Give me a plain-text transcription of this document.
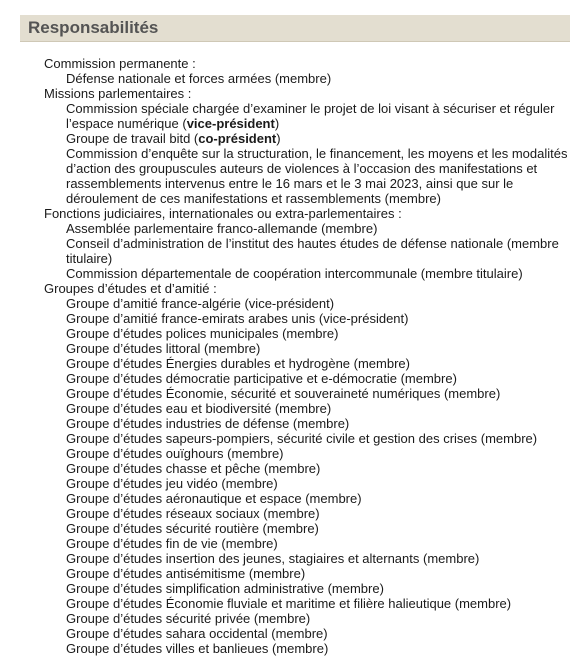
Responsabilités
Commission permanente :
Défense nationale et forces armées (membre)
Missions parlementaires :
Commission spéciale chargée d’examiner le projet de loi visant à sécuriser et réguler l’espace numérique (vice-président)
Groupe de travail bitd (co-président)
Commission d’enquête sur la structuration, le financement, les moyens et les modalités d’action des groupuscules auteurs de violences à l’occasion des manifestations et rassemblements intervenus entre le 16 mars et le 3 mai 2023, ainsi que sur le déroulement de ces manifestations et rassemblements (membre)
Fonctions judiciaires, internationales ou extra-parlementaires :
Assemblée parlementaire franco-allemande (membre)
Conseil d’administration de l’institut des hautes études de défense nationale (membre titulaire)
Commission départementale de coopération intercommunale (membre titulaire)
Groupes d’études et d’amitié :
Groupe d’amitié france-algérie (vice-président)
Groupe d’amitié france-emirats arabes unis (vice-président)
Groupe d’études polices municipales (membre)
Groupe d’études littoral (membre)
Groupe d’études Énergies durables et hydrogène (membre)
Groupe d’études démocratie participative et e-démocratie (membre)
Groupe d’études Économie, sécurité et souveraineté numériques (membre)
Groupe d’études eau et biodiversité (membre)
Groupe d’études industries de défense (membre)
Groupe d’études sapeurs-pompiers, sécurité civile et gestion des crises (membre)
Groupe d’études ouïghours (membre)
Groupe d’études chasse et pêche (membre)
Groupe d’études jeu vidéo (membre)
Groupe d’études aéronautique et espace (membre)
Groupe d’études réseaux sociaux (membre)
Groupe d’études sécurité routière (membre)
Groupe d’études fin de vie (membre)
Groupe d’études insertion des jeunes, stagiaires et alternants (membre)
Groupe d’études antisémitisme (membre)
Groupe d’études simplification administrative (membre)
Groupe d’études Économie fluviale et maritime et filière halieutique (membre)
Groupe d’études sécurité privée (membre)
Groupe d’études sahara occidental (membre)
Groupe d’études villes et banlieues (membre)
